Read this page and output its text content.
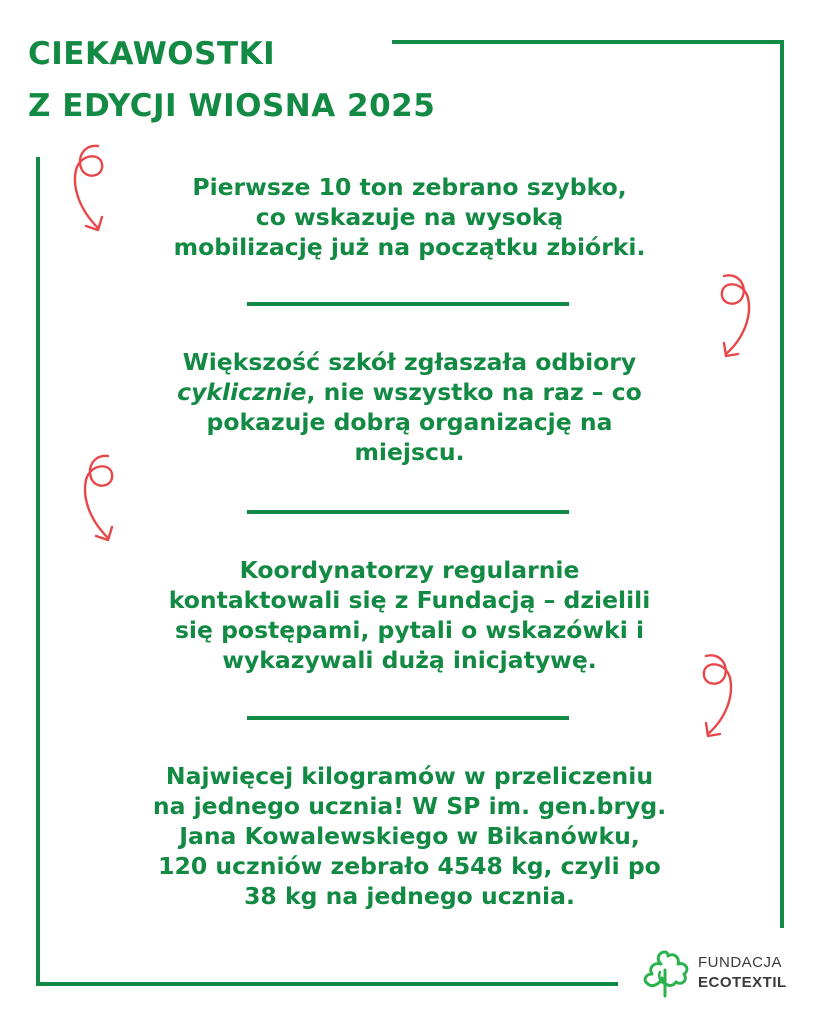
CIEKAWOSTKI
Z EDYCJI WIOSNA 2025
Pierwsze 10 ton zebrano szybko,
co wskazuje na wysoką
mobilizację już na początku zbiórki.
Większość szkół zgłaszała odbiory
cyklicznie, nie wszystko na raz – co
pokazuje dobrą organizację na
miejscu.
Koordynatorzy regularnie
kontaktowali się z Fundacją – dzielili
się postępami, pytali o wskazówki i
wykazywali dużą inicjatywę.
Najwięcej kilogramów w przeliczeniu
na jednego ucznia! W SP im. gen.bryg.
Jana Kowalewskiego w Bikanówku,
120 uczniów zebrało 4548 kg, czyli po
38 kg na jednego ucznia.
FUNDACJA
ECOTEXTIL
